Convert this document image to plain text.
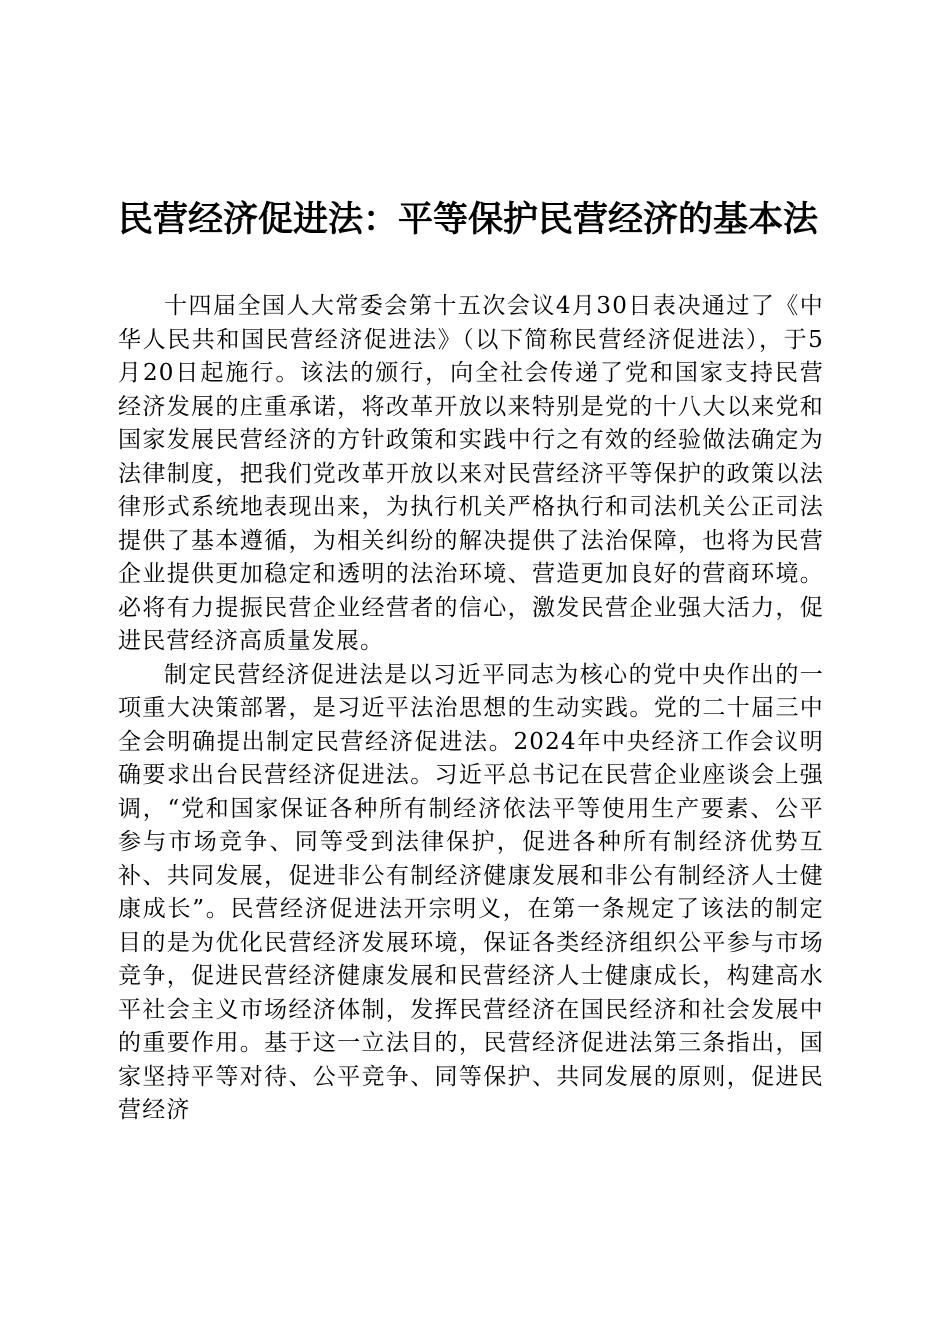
民营经济促进法：平等保护民营经济的基本法

十四届全国人大常委会第十五次会议4月30日表决通过了《中华人民共和国民营经济促进法》（以下简称民营经济促进法），于5月20日起施行。该法的颁行，向全社会传递了党和国家支持民营经济发展的庄重承诺，将改革开放以来特别是党的十八大以来党和国家发展民营经济的方针政策和实践中行之有效的经验做法确定为法律制度，把我们党改革开放以来对民营经济平等保护的政策以法律形式系统地表现出来，为执行机关严格执行和司法机关公正司法提供了基本遵循，为相关纠纷的解决提供了法治保障，也将为民营企业提供更加稳定和透明的法治环境、营造更加良好的营商环境。必将有力提振民营企业经营者的信心，激发民营企业强大活力，促进民营经济高质量发展。

制定民营经济促进法是以习近平同志为核心的党中央作出的一项重大决策部署，是习近平法治思想的生动实践。党的二十届三中全会明确提出制定民营经济促进法。2024年中央经济工作会议明确要求出台民营经济促进法。习近平总书记在民营企业座谈会上强调，“党和国家保证各种所有制经济依法平等使用生产要素、公平参与市场竞争、同等受到法律保护，促进各种所有制经济优势互补、共同发展，促进非公有制经济健康发展和非公有制经济人士健康成长”。民营经济促进法开宗明义，在第一条规定了该法的制定目的是为优化民营经济发展环境，保证各类经济组织公平参与市场竞争，促进民营经济健康发展和民营经济人士健康成长，构建高水平社会主义市场经济体制，发挥民营经济在国民经济和社会发展中的重要作用。基于这一立法目的，民营经济促进法第三条指出，国家坚持平等对待、公平竞争、同等保护、共同发展的原则，促进民营经济
